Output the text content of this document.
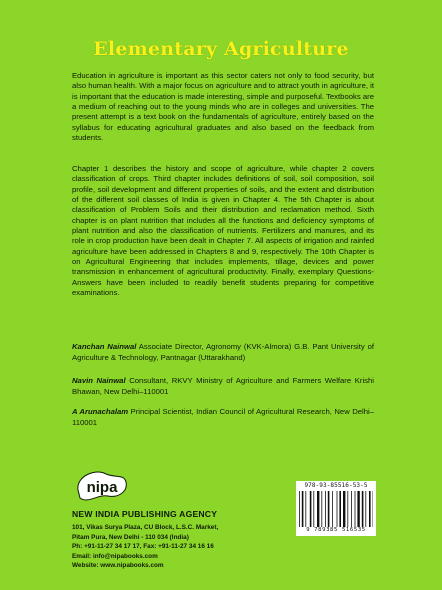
Elementary Agriculture

Education in agriculture is important as this sector caters not only to food security, but also human health. With a major focus on agriculture and to attract youth in agriculture, it is important that the education is made interesting, simple and purposeful. Textbooks are a medium of reaching out to the young minds who are in colleges and universities. The present attempt is a text book on the fundamentals of agriculture, entirely based on the syllabus for educating agricultural graduates and also based on the feedback from students.

Chapter 1 describes the history and scope of agriculture, while chapter 2 covers classification of crops. Third chapter includes definitions of soil, soil composition, soil profile, soil development and different properties of soils, and the extent and distribution of the different soil classes of India is given in Chapter 4. The 5th Chapter is about classification of Problem Soils and their distribution and reclamation method. Sixth chapter is on plant nutrition that includes all the functions and deficiency symptoms of plant nutrition and also the classification of nutrients. Fertilizers and manures, and its role in crop production have been dealt in Chapter 7. All aspects of irrigation and rainfed agriculture have been addressed in Chapters 8 and 9, respectively. The 10th Chapter is on Agricultural Engineering that includes implements, tillage, devices and power transmission in enhancement of agricultural productivity. Finally, exemplary Questions-Answers have been included to readily benefit students preparing for competitive examinations.

Kanchan Nainwal Associate Director, Agronomy (KVK-Almora) G.B. Pant University of Agriculture & Technology, Pantnagar (Uttarakhand)

Navin Nainwal Consultant, RKVY Ministry of Agriculture and Farmers Welfare Krishi Bhawan, New Delhi–110001

A Arunachalam Principal Scientist, Indian Council of Agricultural Research, New Delhi–110001

nipa
NEW INDIA PUBLISHING AGENCY
101, Vikas Surya Plaza, CU Block, L.S.C. Market,
Pitam Pura, New Delhi - 110 034 (India)
Ph: +91-11-27 34 17 17, Fax: +91-11-27 34 16 16
Email: info@nipabooks.com
Website: www.nipabooks.com
978-93-85516-53-5
9 789385 516535
